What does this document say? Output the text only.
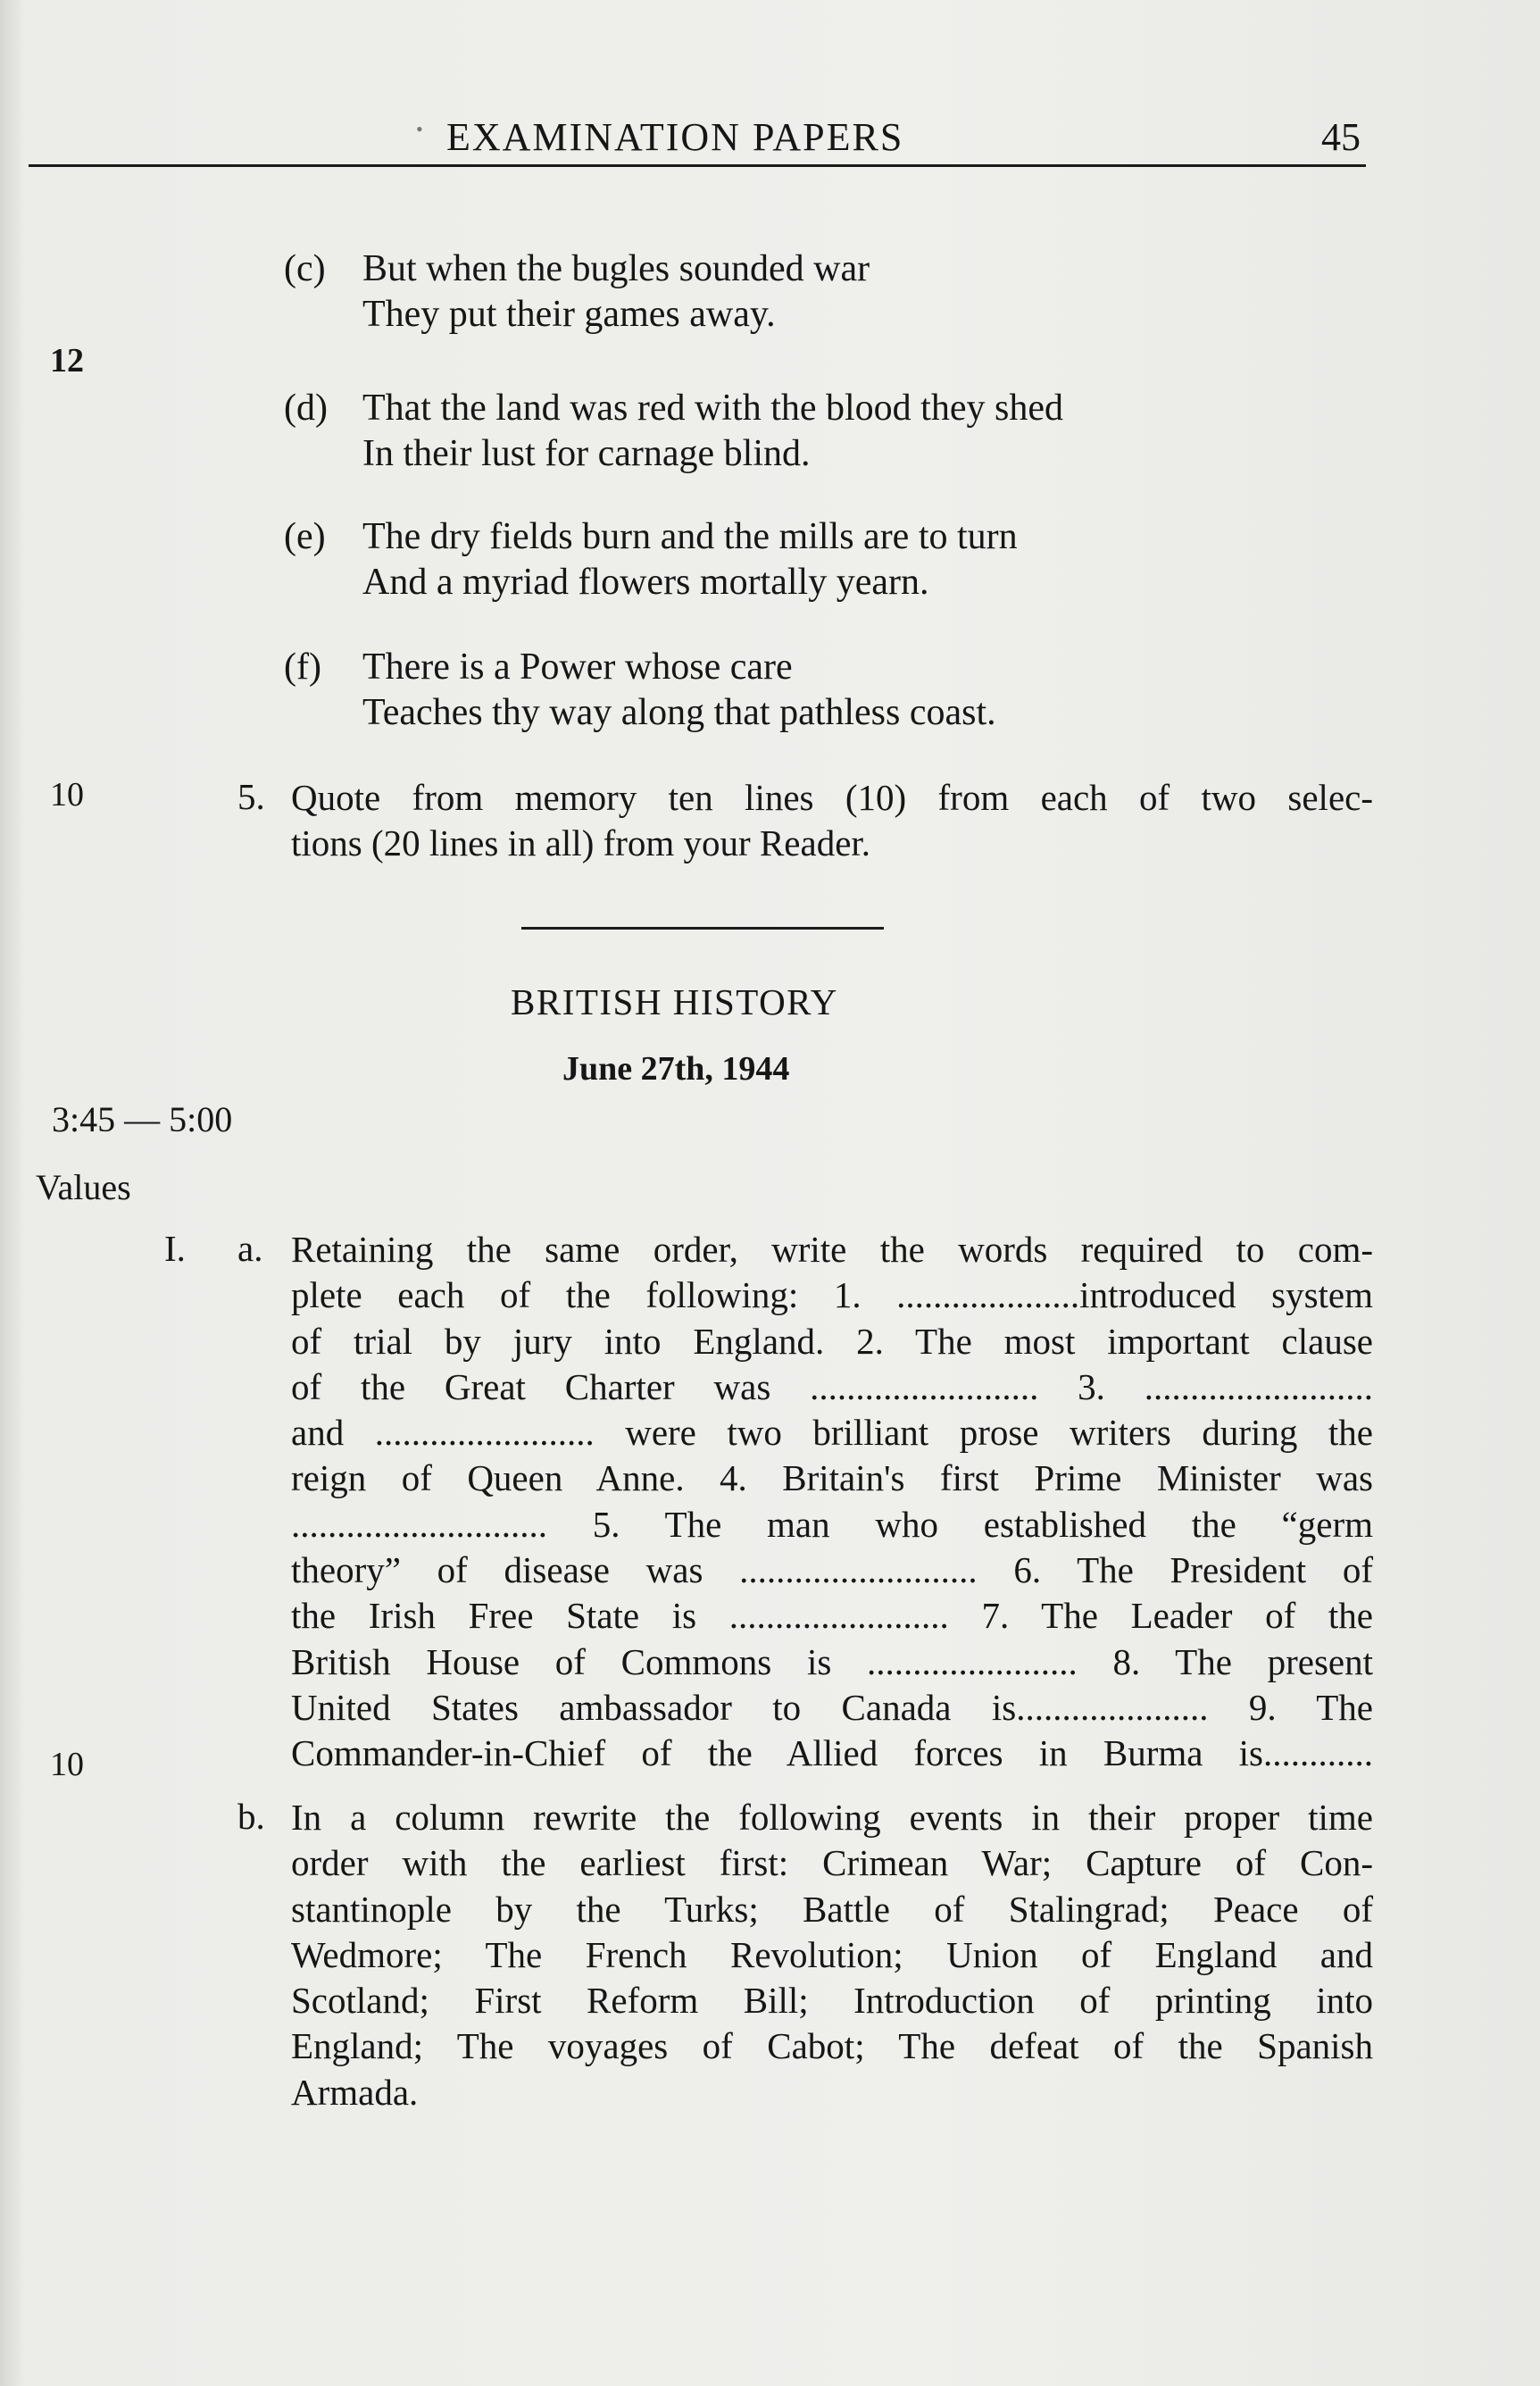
• EXAMINATION PAPERS	45
(c) But when the bugles sounded war
They put their games away.
12
(d) That the land was red with the blood they shed
In their lust for carnage blind.
(e) The dry fields burn and the mills are to turn
And a myriad flowers mortally yearn.
(f) There is a Power whose care
Teaches thy way along that pathless coast.
10	5. Quote from memory ten lines (10) from each of two selec-
tions (20 lines in all) from your Reader.
BRITISH HISTORY
June 27th, 1944
3:45 — 5:00
Values
I. a. Retaining the same order, write the words required to com-
plete each of the following: 1. ....................introduced system
of trial by jury into England. 2. The most important clause
of the Great Charter was ......................... 3. .........................
and ........................ were two brilliant prose writers during the
reign of Queen Anne. 4. Britain's first Prime Minister was
............................ 5. The man who established the “germ
theory” of disease was .......................... 6. The President of
the Irish Free State is ........................ 7. The Leader of the
British House of Commons is ....................... 8. The present
United States ambassador to Canada is..................... 9. The
Commander-in-Chief of the Allied forces in Burma is............
10
b. In a column rewrite the following events in their proper time
order with the earliest first: Crimean War; Capture of Con-
stantinople by the Turks; Battle of Stalingrad; Peace of
Wedmore; The French Revolution; Union of England and
Scotland; First Reform Bill; Introduction of printing into
England; The voyages of Cabot; The defeat of the Spanish
Armada.
